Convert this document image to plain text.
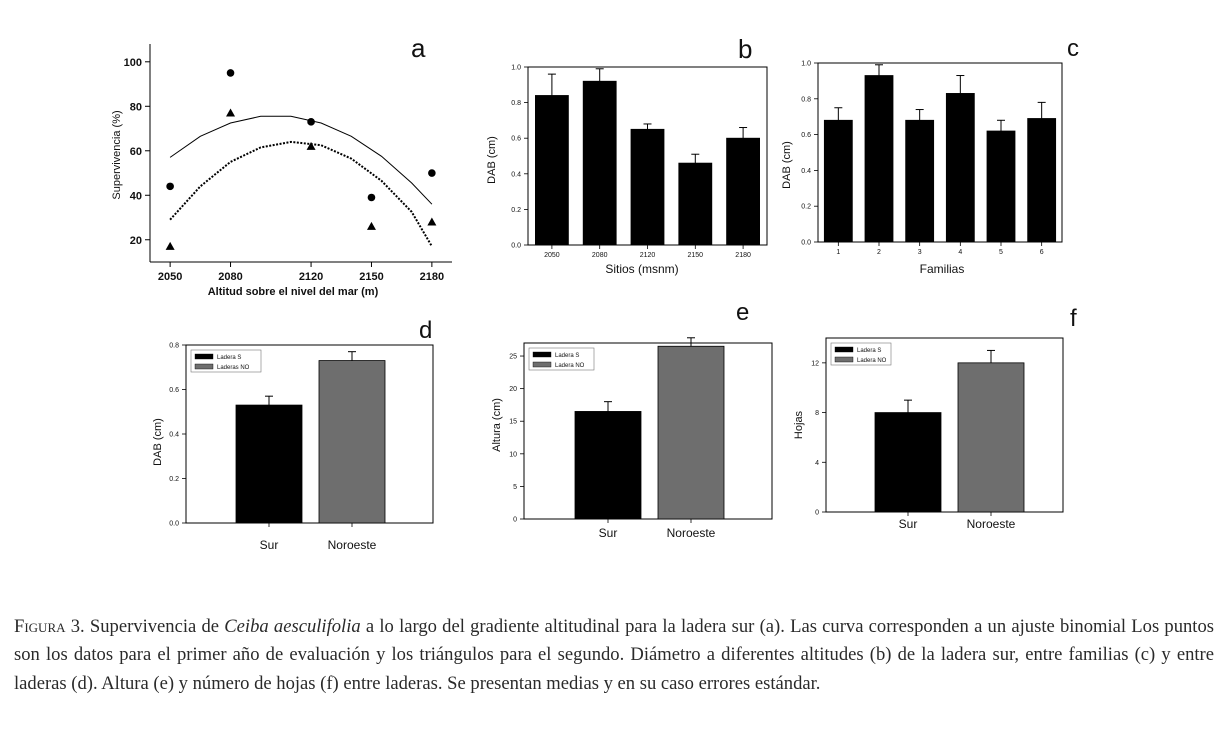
a
2050	2080	2120	2150	2180
20
40
60
80
100
Altitud sobre el nivel del mar (m)
Supervivencia (%)
b
0.0
0.2
0.4
0.6
0.8
1.0
2050	2080	2120	2150	2180
Sitios (msnm)
DAB (cm)
c
0.0
0.2
0.4
0.6
0.8
1.0
1	2	3	4	5	6
Familias
DAB (cm)
d
0.0
0.2
0.4
0.6
0.8
Sur	Noroeste
Ladera S
Laderas NO
DAB (cm)
e
0
5
10
15
20
25
Sur	Noroeste
Ladera S
Ladera NO
Altura (cm)
f
0
4
8
12
Sur	Noroeste
Ladera S
Ladera NO
Hojas

Figura 3. Supervivencia de Ceiba aesculifolia a lo largo del gradiente altitudinal para la ladera sur (a). Las curva corresponden a un ajuste binomial Los puntos son los datos para el primer año de evaluación y los triángulos para el segundo. Diámetro a diferentes altitudes (b) de la ladera sur, entre familias (c) y entre laderas (d). Altura (e) y número de hojas (f) entre laderas. Se presentan medias y en su caso errores estándar.
